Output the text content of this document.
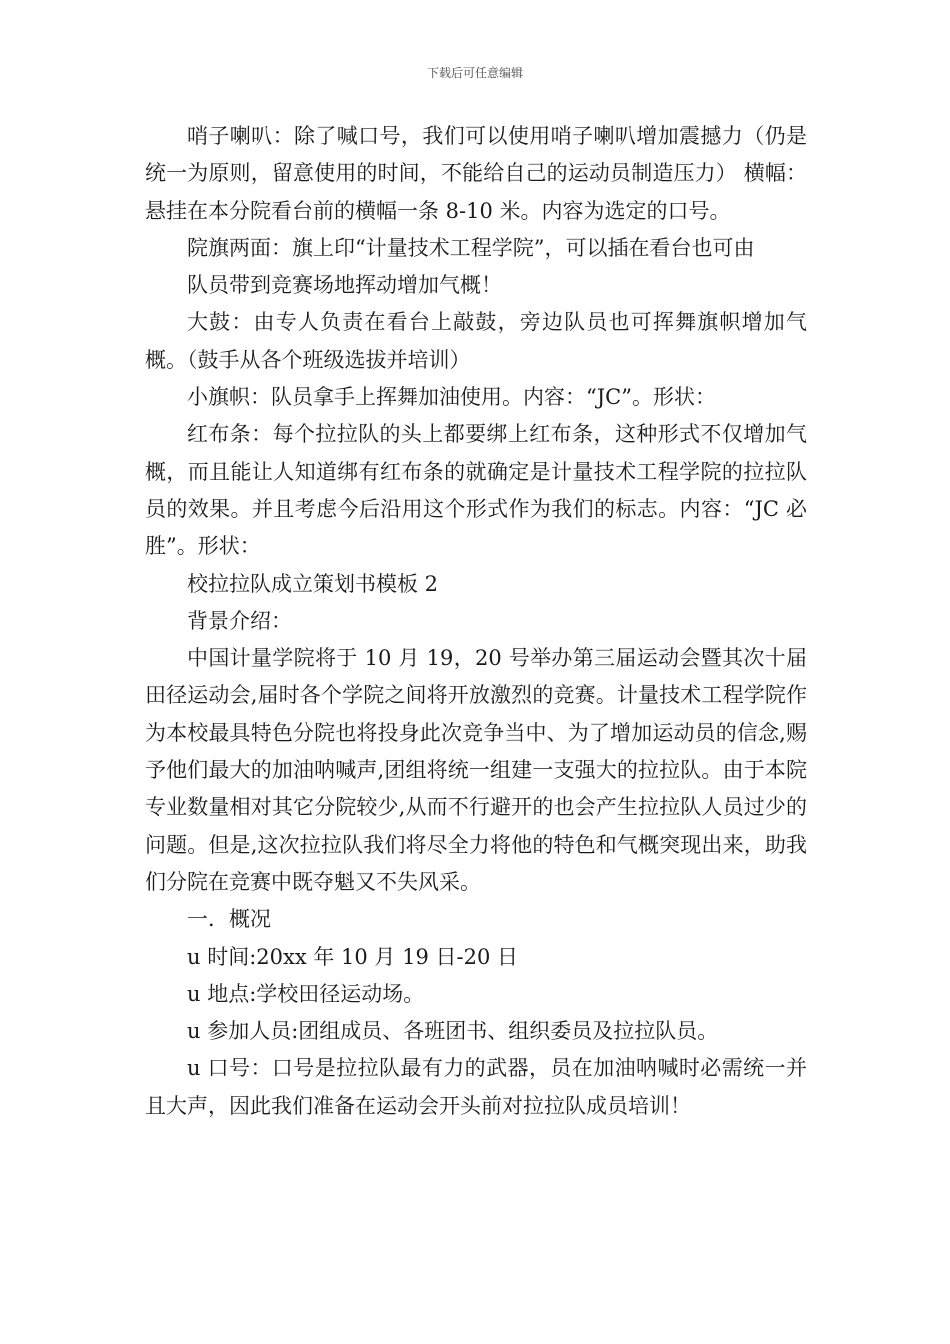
下载后可任意编辑

哨子喇叭：除了喊口号，我们可以使用哨子喇叭增加震撼力（仍是统一为原则，留意使用的时间，不能给自己的运动员制造压力） 横幅：悬挂在本分院看台前的横幅一条 8-10 米。内容为选定的口号。

院旗两面：旗上印“计量技术工程学院”，可以插在看台也可由

队员带到竞赛场地挥动增加气概！

大鼓：由专人负责在看台上敲鼓，旁边队员也可挥舞旗帜增加气概。（鼓手从各个班级选拔并培训）

小旗帜：队员拿手上挥舞加油使用。内容：“JC”。形状：

红布条：每个拉拉队的头上都要绑上红布条，这种形式不仅增加气概，而且能让人知道绑有红布条的就确定是计量技术工程学院的拉拉队员的效果。并且考虑今后沿用这个形式作为我们的标志。内容：“JC 必胜”。形状：

校拉拉队成立策划书模板 2

背景介绍：

中国计量学院将于 10 月 19，20 号举办第三届运动会暨其次十届田径运动会,届时各个学院之间将开放激烈的竞赛。计量技术工程学院作为本校最具特色分院也将投身此次竞争当中、为了增加运动员的信念,赐予他们最大的加油呐喊声,团组将统一组建一支强大的拉拉队。由于本院专业数量相对其它分院较少,从而不行避开的也会产生拉拉队人员过少的问题。但是,这次拉拉队我们将尽全力将他的特色和气概突现出来，助我们分院在竞赛中既夺魁又不失风采。

一．概况

u 时间:20xx 年 10 月 19 日-20 日

u 地点:学校田径运动场。

u 参加人员:团组成员、各班团书、组织委员及拉拉队员。

u 口号：口号是拉拉队最有力的武器，员在加油呐喊时必需统一并且大声，因此我们准备在运动会开头前对拉拉队成员培训！
